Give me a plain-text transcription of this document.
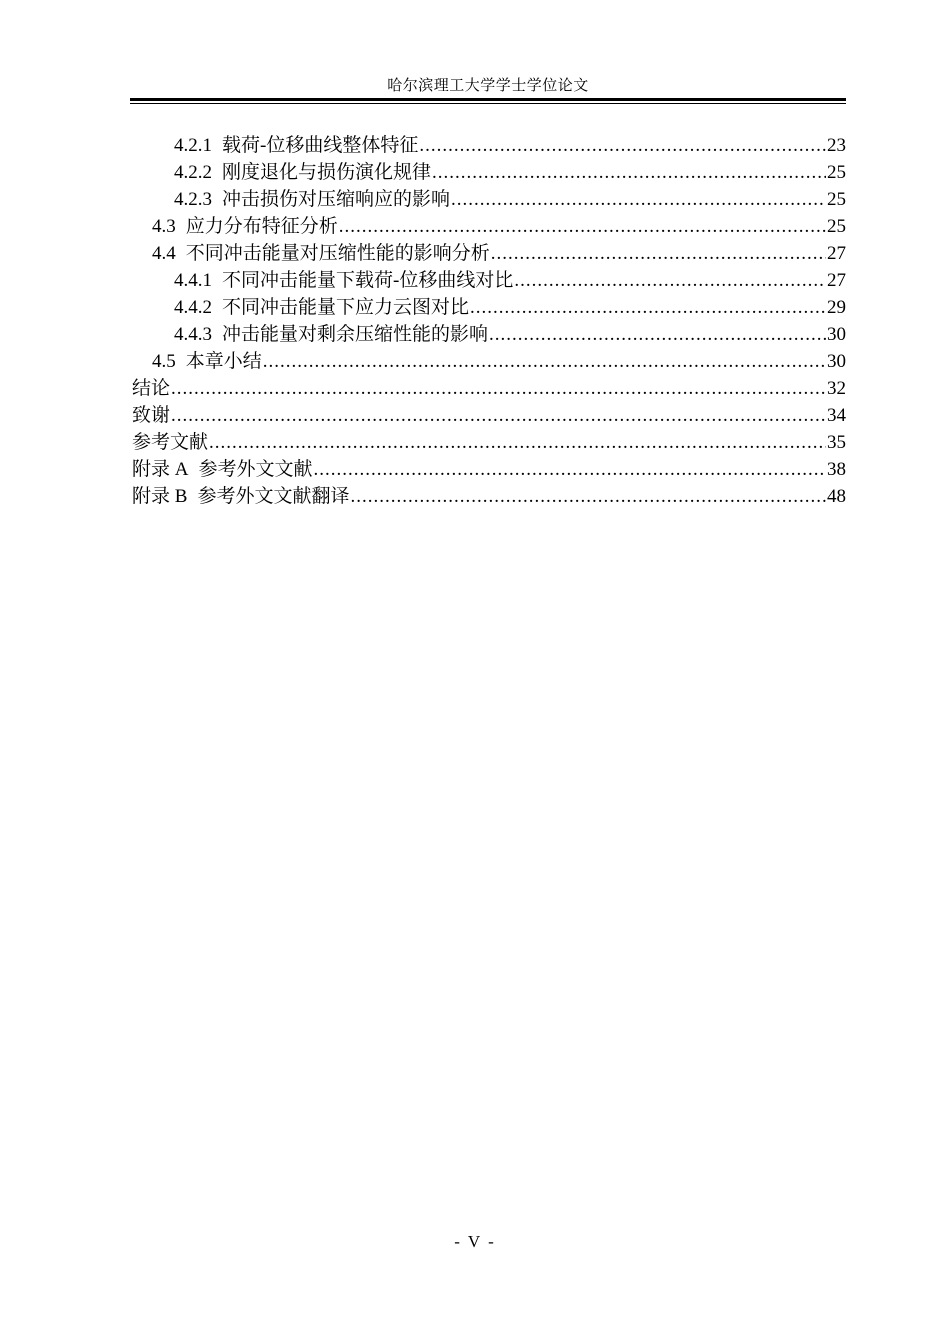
哈尔滨理工大学学士学位论文
4.2.1 载荷-位移曲线整体特征 .....	23
4.2.2 刚度退化与损伤演化规律 .....	25
4.2.3 冲击损伤对压缩响应的影响 .....	25
4.3 应力分布特征分析 .....	25
4.4 不同冲击能量对压缩性能的影响分析 .....	27
4.4.1 不同冲击能量下载荷-位移曲线对比 .....	27
4.4.2 不同冲击能量下应力云图对比 .....	29
4.4.3 冲击能量对剩余压缩性能的影响 .....	30
4.5 本章小结 .....	30
结论 .....	32
致谢 .....	34
参考文献 .....	35
附录 A 参考外文文献 .....	38
附录 B 参考外文文献翻译 .....	48
- V -
